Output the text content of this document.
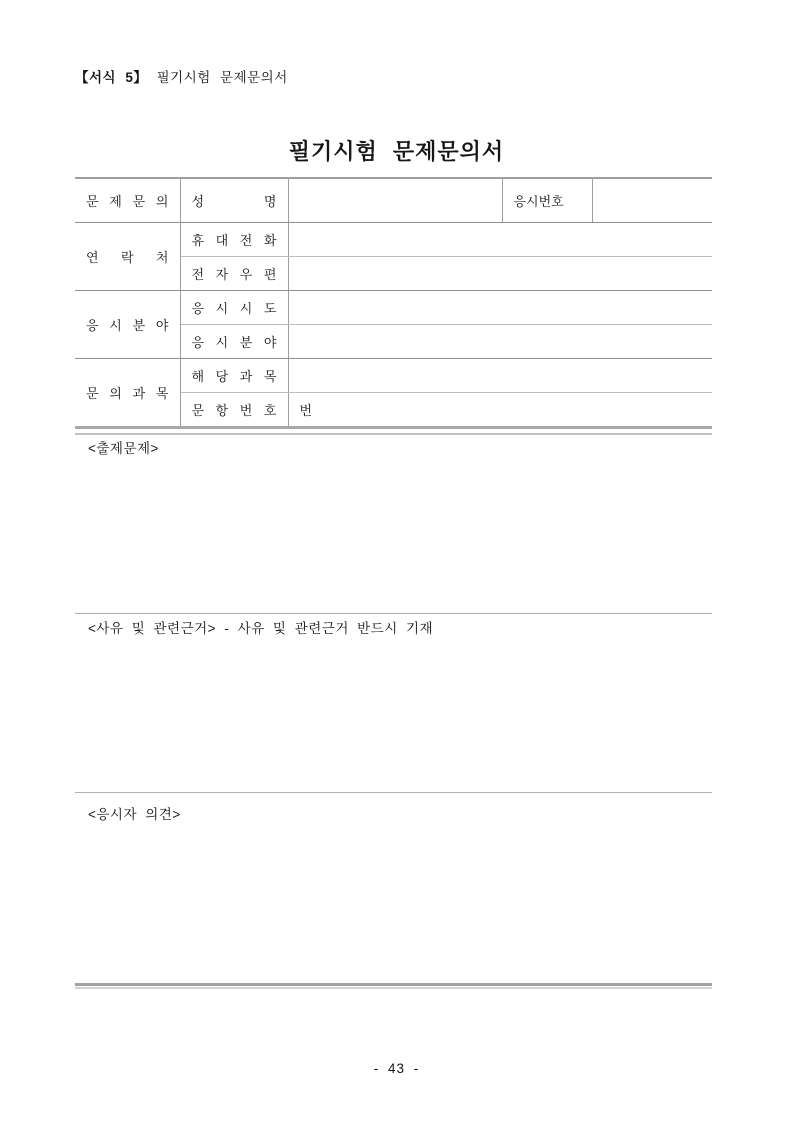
【서식 5】 필기시험 문제문의서
필기시험 문제문의서
문 제 문 의	성 명		응시번호	
연 락 처	휴 대 전 화			
	전 자 우 편			
응 시 분 야	응 시 시 도			
	응 시 분 야			
문 의 과 목	해 당 과 목			
	문 항 번 호	번		
<출제문제>
<사유 및 관련근거> - 사유 및 관련근거 반드시 기재
<응시자 의견>
- 43 -
